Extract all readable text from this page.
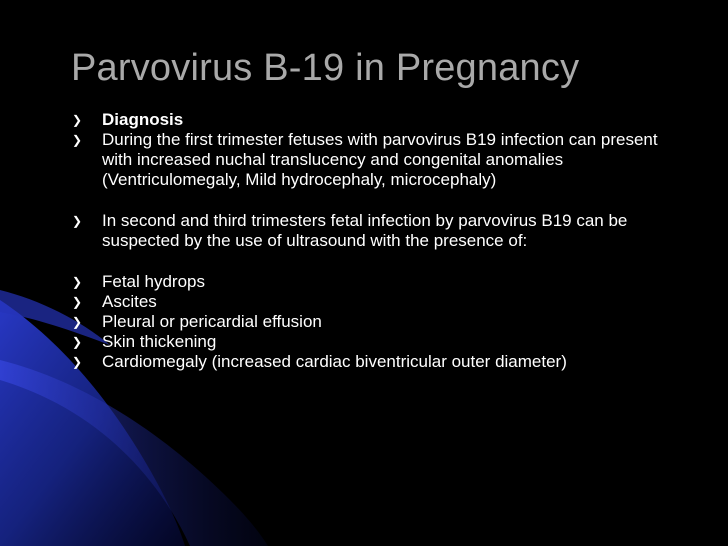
Parvovirus B-19 in Pregnancy
❯ Diagnosis
❯ During the first trimester fetuses with parvovirus B19 infection can present with increased nuchal translucency and congenital anomalies (Ventriculomegaly, Mild hydrocephaly, microcephaly)
❯ In second and third trimesters fetal infection by parvovirus B19 can be suspected by the use of ultrasound with the presence of:
❯ Fetal hydrops
❯ Ascites
❯ Pleural or pericardial effusion
❯ Skin thickening
❯ Cardiomegaly (increased cardiac biventricular outer diameter)
